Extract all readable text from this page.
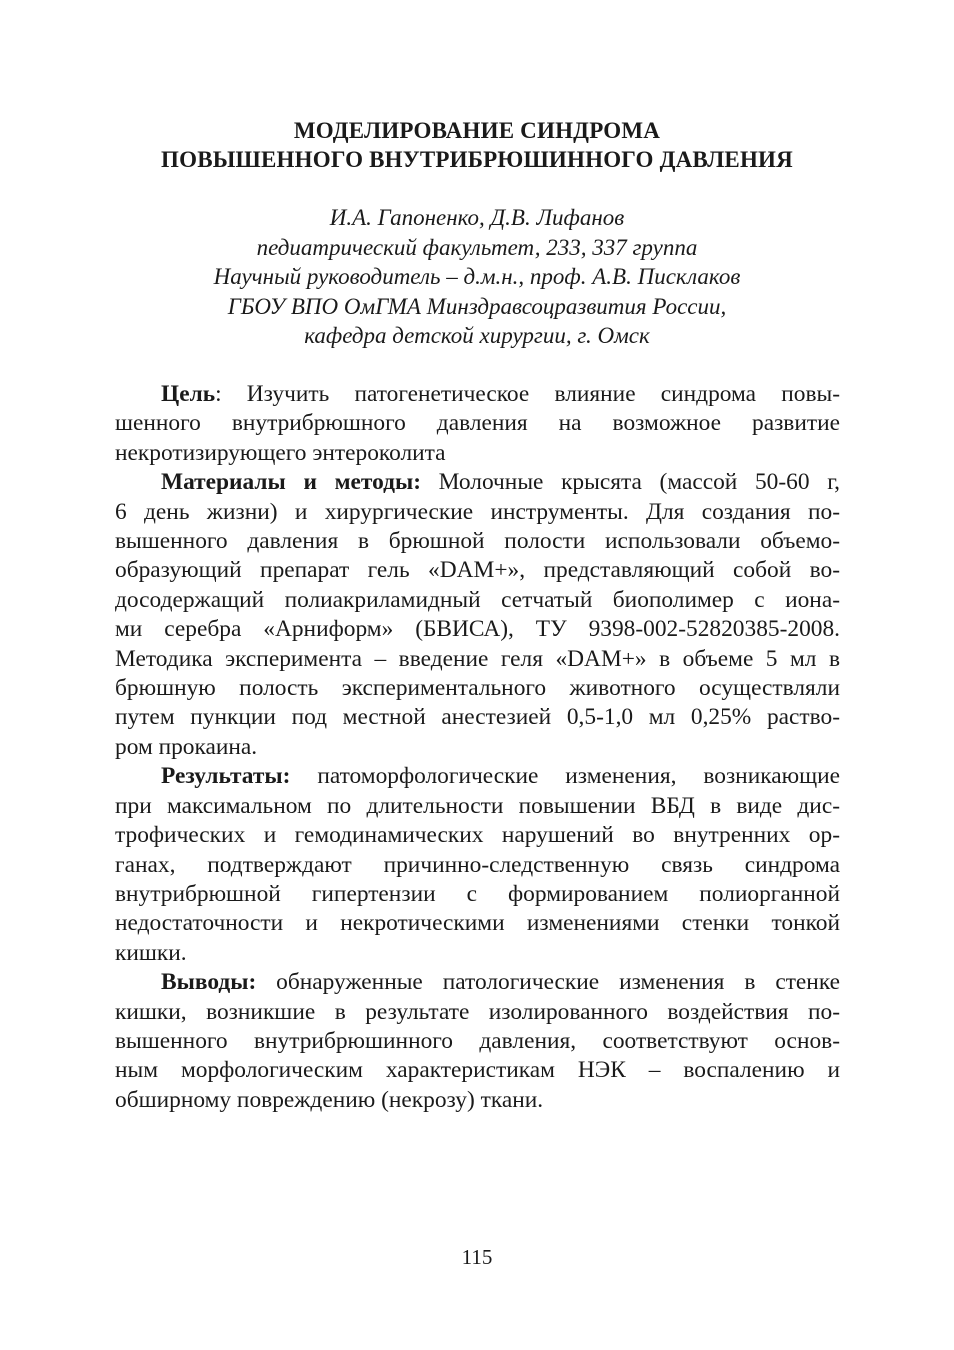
МОДЕЛИРОВАНИЕ СИНДРОМА
ПОВЫШЕННОГО ВНУТРИБРЮШИННОГО ДАВЛЕНИЯ
И.А. Гапоненко, Д.В. Лифанов
педиатрический факультет, 233, 337 группа
Научный руководитель – д.м.н., проф. А.В. Писклаков
ГБОУ ВПО ОмГМА Минздравсоцразвития России,
кафедра детской хирургии, г. Омск
Цель: Изучить патогенетическое влияние синдрома повы-
шенного внутрибрюшного давления на возможное развитие
некротизирующего энтероколита
Материалы и методы: Молочные крысята (массой 50-60 г,
6 день жизни) и хирургические инструменты. Для создания по-
вышенного давления в брюшной полости использовали объемо-
образующий препарат гель «DAM+», представляющий собой во-
досодержащий полиакриламидный сетчатый биополимер с иона-
ми серебра «Арниформ» (БВИСА), ТУ 9398-002-52820385-2008.
Методика эксперимента – введение геля «DAM+» в объеме 5 мл в
брюшную полость экспериментального животного осуществляли
путем пункции под местной анестезией 0,5-1,0 мл 0,25% раство-
ром прокаина.
Результаты: патоморфологические изменения, возникающие
при максимальном по длительности повышении ВБД в виде дис-
трофических и гемодинамических нарушений во внутренних ор-
ганах, подтверждают причинно-следственную связь синдрома
внутрибрюшной гипертензии с формированием полиорганной
недостаточности и некротическими изменениями стенки тонкой
кишки.
Выводы: обнаруженные патологические изменения в стенке
кишки, возникшие в результате изолированного воздействия по-
вышенного внутрибрюшинного давления, соответствуют основ-
ным морфологическим характеристикам НЭК – воспалению и
обширному повреждению (некрозу) ткани.
115
